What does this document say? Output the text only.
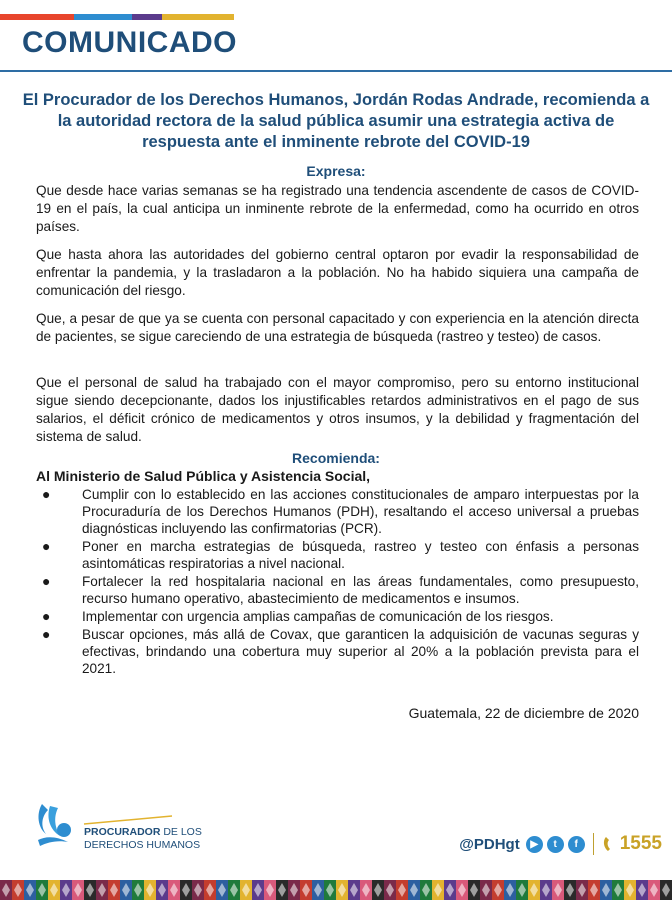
COMUNICADO
El Procurador de los Derechos Humanos, Jordán Rodas Andrade, recomienda a la autoridad rectora de la salud pública asumir una estrategia activa de respuesta ante el inminente rebrote del COVID-19
Expresa:
Que desde hace varias semanas se ha registrado una tendencia ascendente de casos de COVID-19 en el país, la cual anticipa un inminente rebrote de la enfermedad, como ha ocurrido en otros países.
Que hasta ahora las autoridades del gobierno central optaron por evadir la responsabilidad de enfrentar la pandemia, y la trasladaron a la población. No ha habido siquiera una campaña de comunicación del riesgo.
Que, a pesar de que ya se cuenta con personal capacitado y con experiencia en la atención directa de pacientes, se sigue careciendo de una estrategia de búsqueda (rastreo y testeo) de casos.
Que el personal de salud ha trabajado con el mayor compromiso, pero su entorno institucional sigue siendo decepcionante, dados los injustificables retardos administrativos en el pago de sus salarios, el déficit crónico de medicamentos y otros insumos, y la debilidad y fragmentación del sistema de salud.
Recomienda:
Al Ministerio de Salud Pública y Asistencia Social,
● Cumplir con lo establecido en las acciones constitucionales de amparo interpuestas por la Procuraduría de los Derechos Humanos (PDH), resaltando el acceso universal a pruebas diagnósticas incluyendo las confirmatorias (PCR).
● Poner en marcha estrategias de búsqueda, rastreo y testeo con énfasis a personas asintomáticas respiratorias a nivel nacional.
● Fortalecer la red hospitalaria nacional en las áreas fundamentales, como presupuesto, recurso humano operativo, abastecimiento de medicamentos e insumos.
● Implementar con urgencia amplias campañas de comunicación de los riesgos.
● Buscar opciones, más allá de Covax, que garanticen la adquisición de vacunas seguras y efectivas, brindando una cobertura muy superior al 20% a la población prevista para el 2021.
Guatemala, 22 de diciembre de 2020
PROCURADOR DE LOS
DERECHOS HUMANOS	@PDHgt	▶	t	f	1555
